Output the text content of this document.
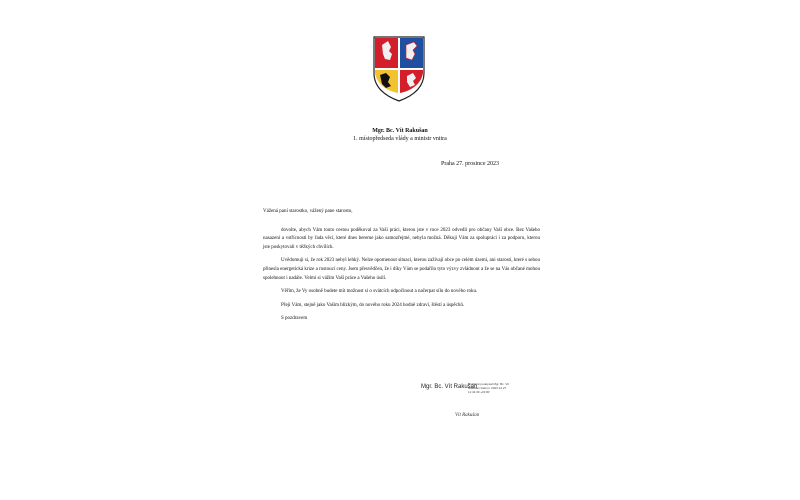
Mgr. Bc. Vít Rakušan
1. místopředseda vlády a ministr vnitra
Praha 27. prosince 2023

Vážená paní starostko, vážený pane starosto,

dovolte, abych Vám touto cestou poděkoval za Vaši práci, kterou jste v roce 2023 odvedli pro občany Vaší obce. Bez Vašeho nasazení a vstřícnosti by řada věcí, které dnes bereme jako samozřejmé, nebyla možná. Děkuji Vám za spolupráci i za podporu, kterou jste poskytovali v těžkých chvílích.

Uvědomuji si, že rok 2023 nebyl lehký. Nelze opomenout situaci, kterou zažívají obce po celém území, ani starosti, které s sebou přinesla energetická krize a rostoucí ceny. Jsem přesvědčen, že i díky Vám se podařilo tyto výzvy zvládnout a že se na Vás občané mohou spolehnout i nadále. Velmi si vážím Vaší práce a Vašeho úsilí.

Věřím, že Vy osobně budete mít možnost si o svátcích odpočinout a načerpat sílu do nového roku.

Přeji Vám, stejně jako Vašim blízkým, do nového roku 2024 hodně zdraví, štěstí a úspěchů.

S pozdravem

Mgr. Bc. Vít Rakušan
Digitálně podepsal Mgr. Bc. Vít Rakušan Datum: 2023.12.27 11:41:39 +01'00'
Vít Rakušan
